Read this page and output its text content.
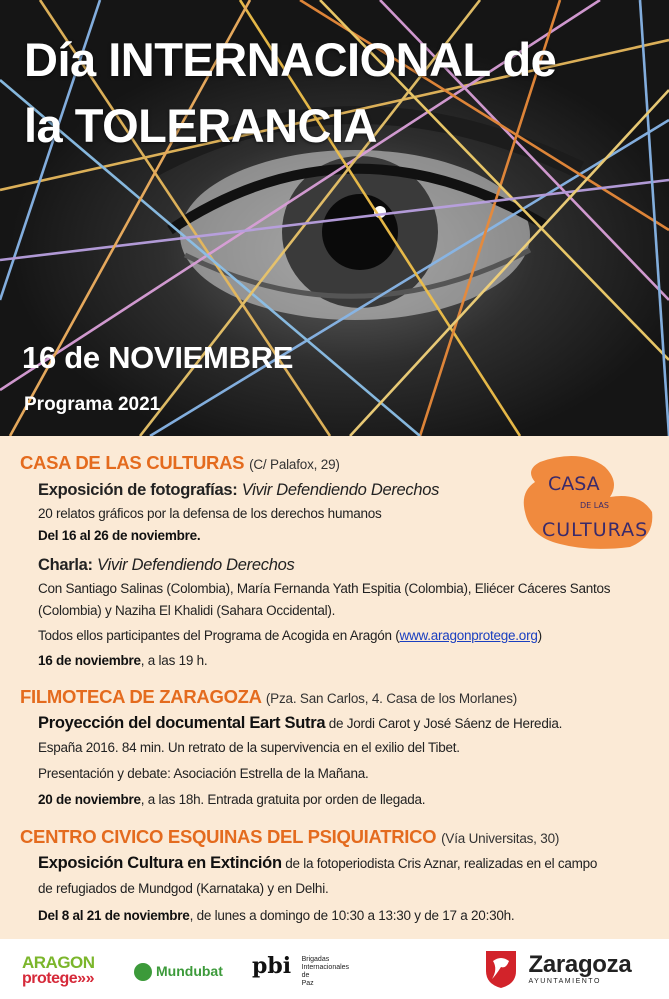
Día INTERNACIONAL de
la TOLERANCIA
16 de NOVIEMBRE
Programa 2021
CASA DE LAS CULTURAS (C/ Palafox, 29)
Exposición de fotografías: Vivir Defendiendo Derechos
20 relatos gráficos por la defensa de los derechos humanos
Del 16 al 26 de noviembre.
Charla: Vivir Defendiendo Derechos
Con Santiago Salinas (Colombia), María Fernanda Yath Espitia (Colombia), Eliécer Cáceres Santos
(Colombia) y Naziha El Khalidi (Sahara Occidental).
Todos ellos participantes del Programa de Acogida en Aragón (www.aragonprotege.org)
16 de noviembre, a las 19 h.
FILMOTECA DE ZARAGOZA (Pza. San Carlos, 4. Casa de los Morlanes)
Proyección del documental Eart Sutra de Jordi Carot y José Sáenz de Heredia.
España 2016. 84 min. Un retrato de la supervivencia en el exilio del Tibet.
Presentación y debate: Asociación Estrella de la Mañana.
20 de noviembre, a las 18h. Entrada gratuita por orden de llegada.
CENTRO CIVICO ESQUINAS DEL PSIQUIATRICO (Vía Universitas, 30)
Exposición Cultura en Extinción de la fotoperiodista Cris Aznar, realizadas en el campo
de refugiados de Mundgod (Karnataka) y en Delhi.
Del 8 al 21 de noviembre, de lunes a domingo de 10:30 a 13:30 y de 17 a 20:30h.
CASA
DE LAS
CULTURAS
ARAGON
protege»»	Mundubat pbi Brigadas
Internacionales
de
Paz

Zaragoza
AYUNTAMIENTO
